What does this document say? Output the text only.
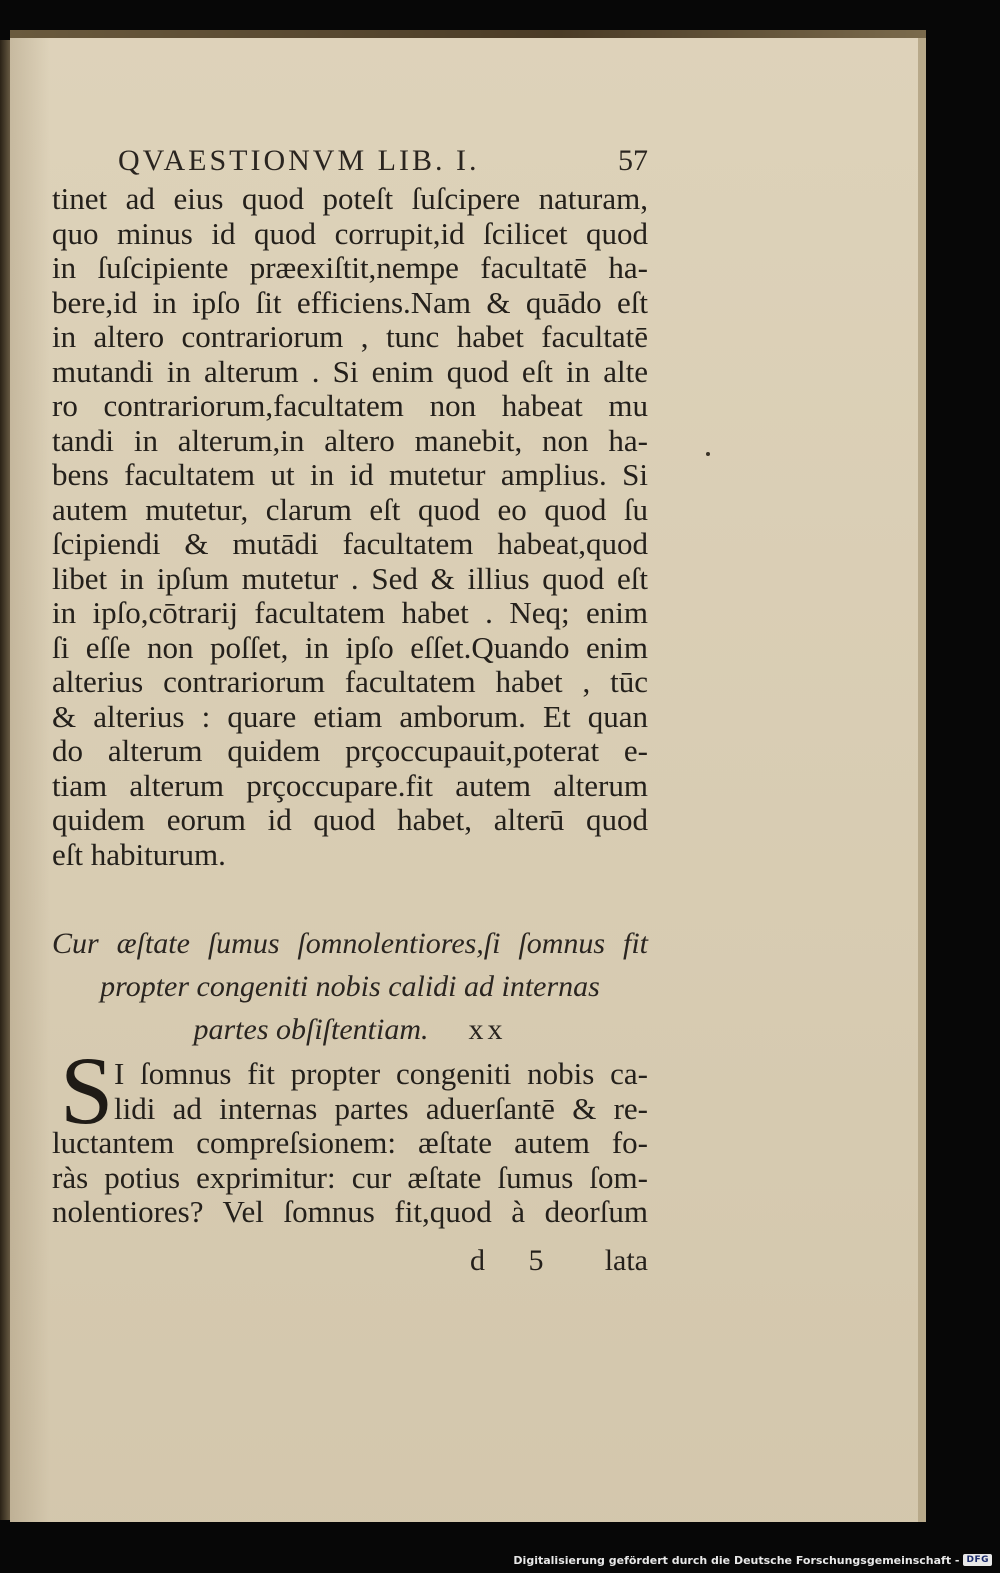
QVAESTIONVM LIB. I.	57
tinet ad eius quod poteſt ſuſcipere naturam,
quo minus id quod corrupit,id ſcilicet quod
in ſuſcipiente præexiſtit,nempe facultatē ha-
bere,id in ipſo ſit efficiens.Nam & quādo eſt
in altero contrariorum , tunc habet facultatē
mutandi in alterum . Si enim quod eſt in alte
ro contrariorum,facultatem non habeat mu
tandi in alterum,in altero manebit, non ha-
bens facultatem ut in id mutetur amplius. Si
autem mutetur, clarum eſt quod eo quod ſu
ſcipiendi & mutādi facultatem habeat,quod
libet in ipſum mutetur . Sed & illius quod eſt
in ipſo,cōtrarij facultatem habet . Neq; enim
ſi eſſe non poſſet, in ipſo eſſet.Quando enim
alterius contrariorum facultatem habet , tūc
& alterius : quare etiam amborum. Et quan
do alterum quidem prçoccupauit,poterat e-
tiam alterum prçoccupare.fit autem alterum
quidem eorum id quod habet, alterū quod
eſt habiturum.
Cur æſtate ſumus ſomnolentiores,ſi ſomnus fit
propter congeniti nobis calidi ad internas
partes obſiſtentiam. xx
S I ſomnus fit propter congeniti nobis ca-
lidi ad internas partes aduerſantē & re-
luctantem compreſsionem: æſtate autem fo-
ràs potius exprimitur: cur æſtate ſumus ſom-
nolentiores? Vel ſomnus fit,quod à deorſum
d 5 lata
Digitalisierung gefördert durch die Deutsche Forschungsgemeinschaft - DFG
